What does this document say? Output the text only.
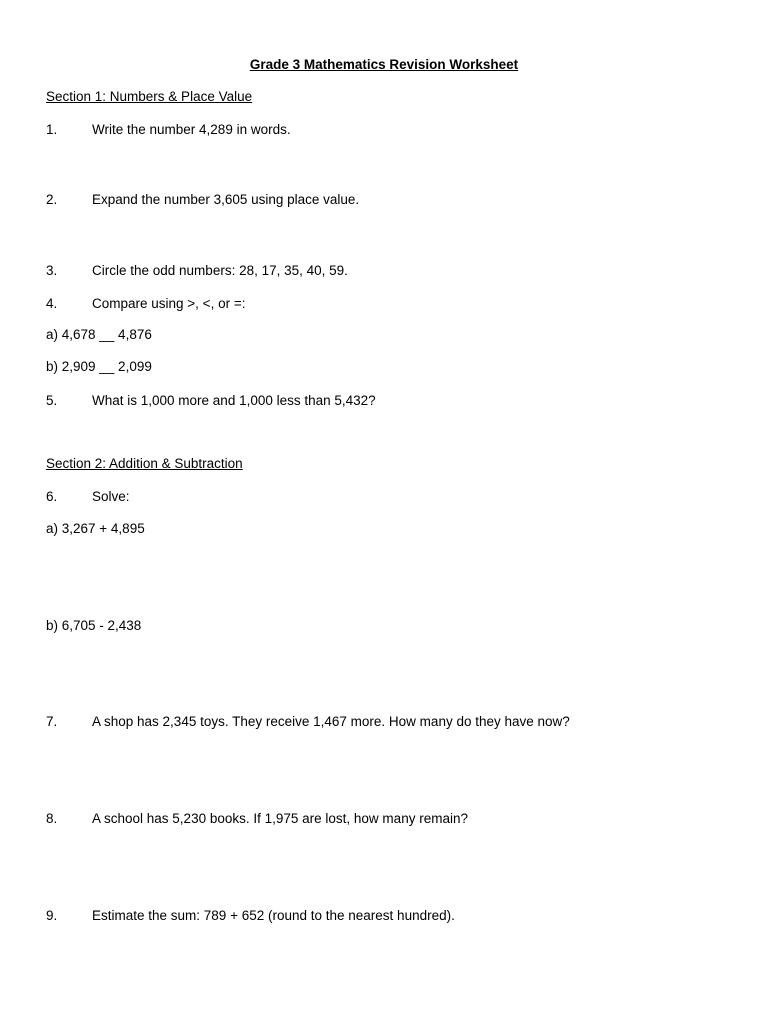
Grade 3 Mathematics Revision Worksheet
Section 1: Numbers & Place Value
1.	Write the number 4,289 in words.
2.	Expand the number 3,605 using place value.
3.	Circle the odd numbers: 28, 17, 35, 40, 59.
4.	Compare using >, <, or =:
a) 4,678 __ 4,876
b) 2,909 __ 2,099
5.	What is 1,000 more and 1,000 less than 5,432?
Section 2: Addition & Subtraction
6.	Solve:
a) 3,267 + 4,895
b) 6,705 - 2,438
7.	A shop has 2,345 toys. They receive 1,467 more. How many do they have now?
8.	A school has 5,230 books. If 1,975 are lost, how many remain?
9.	Estimate the sum: 789 + 652 (round to the nearest hundred).
